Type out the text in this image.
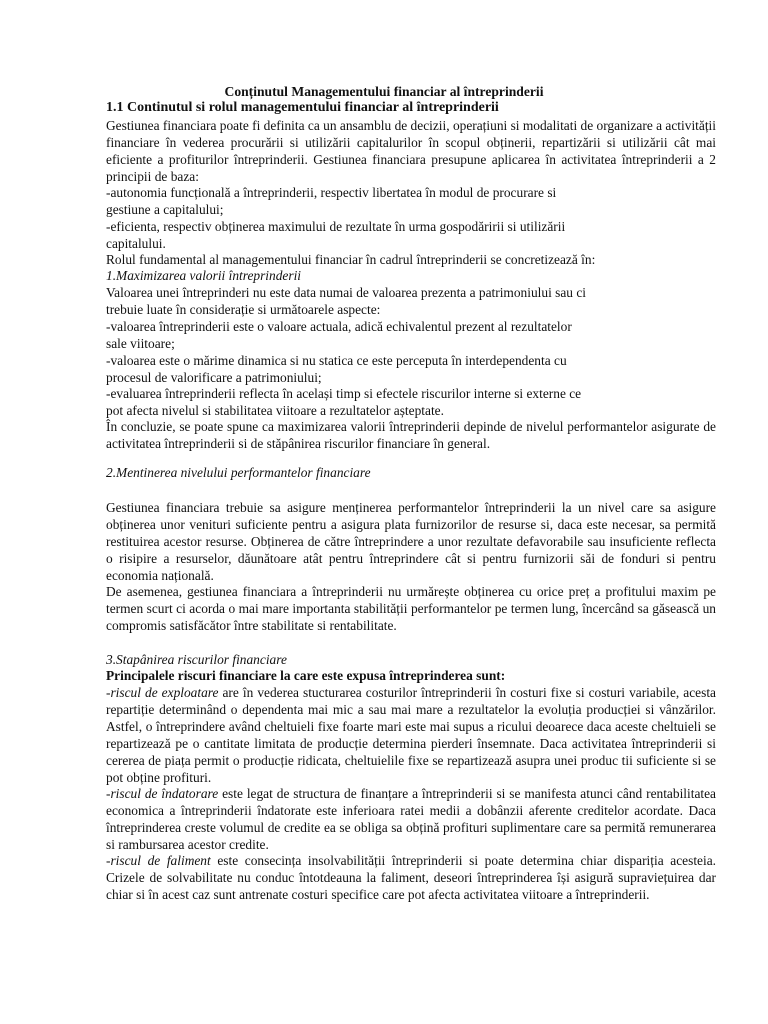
Conținutul Managementului financiar al întreprinderii
1.1 Continutul si rolul managementului financiar al întreprinderii

Gestiunea financiara poate fi definita ca un ansamblu de decizii, operațiuni si modalitati de organizare a activității financiare în vederea procurării si utilizării capitalurilor în scopul obținerii, repartizării si utilizării cât mai eficiente a profiturilor întreprinderii. Gestiunea financiara presupune aplicarea în activitatea întreprinderii a 2 principii de baza:

-autonomia funcțională a întreprinderii, respectiv libertatea în modul de procurare si
gestiune a capitalului;
-eficienta, respectiv obținerea maximului de rezultate în urma gospodăririi si utilizării
capitalului.
Rolul fundamental al managementului financiar în cadrul întreprinderii se concretizează în:
1.Maximizarea valorii întreprinderii
Valoarea unei întreprinderi nu este data numai de valoarea prezenta a patrimoniului sau ci
trebuie luate în considerație si următoarele aspecte:
-valoarea întreprinderii este o valoare actuala, adică echivalentul prezent al rezultatelor
sale viitoare;
-valoarea este o mărime dinamica si nu statica ce este perceputa în interdependenta cu
procesul de valorificare a patrimoniului;
-evaluarea întreprinderii reflecta în același timp si efectele riscurilor interne si externe ce
pot afecta nivelul si stabilitatea viitoare a rezultatelor așteptate.

În concluzie, se poate spune ca maximizarea valorii întreprinderii depinde de nivelul performantelor asigurate de activitatea întreprinderii si de stăpânirea riscurilor financiare în general.

2.Mentinerea nivelului performantelor financiare

Gestiunea financiara trebuie sa asigure menținerea performantelor întreprinderii la un nivel care sa asigure obținerea unor venituri suficiente pentru a asigura plata furnizorilor de resurse si, daca este necesar, sa permită restituirea acestor resurse. Obținerea de către întreprindere a unor rezultate defavorabile sau insuficiente reflecta o risipire a resurselor, dăunătoare atât pentru întreprindere cât si pentru furnizorii săi de fonduri si pentru economia națională.

De asemenea, gestiunea financiara a întreprinderii nu urmărește obținerea cu orice preț a profitului maxim pe termen scurt ci acorda o mai mare importanta stabilității performantelor pe termen lung, încercând sa găsească un compromis satisfăcător între stabilitate si rentabilitate.

3.Stapânirea riscurilor financiare
Principalele riscuri financiare la care este expusa întreprinderea sunt:

-riscul de exploatare are în vederea stucturarea costurilor întreprinderii în costuri fixe si costuri variabile, acesta repartiție determinând o dependenta mai mic a sau mai mare a rezultatelor la evoluția producției si vânzărilor. Astfel, o întreprindere având cheltuieli fixe foarte mari este mai supus a ricului deoarece daca aceste cheltuieli se repartizează pe o cantitate limitata de producție determina pierderi însemnate. Daca activitatea întreprinderii si cererea de piața permit o producție ridicata, cheltuielile fixe se repartizează asupra unei produc tii suficiente si se pot obține profituri.

-riscul de îndatorare este legat de structura de finanțare a întreprinderii si se manifesta atunci când rentabilitatea economica a întreprinderii îndatorate este inferioara ratei medii a dobânzii aferente creditelor acordate. Daca întreprinderea creste volumul de credite ea se obliga sa obțină profituri suplimentare care sa permită remunerarea si rambursarea acestor credite.

-riscul de faliment este consecința insolvabilității întreprinderii si poate determina chiar dispariția acesteia. Crizele de solvabilitate nu conduc întotdeauna la faliment, deseori întreprinderea își asigură supraviețuirea dar chiar si în acest caz sunt antrenate costuri specifice care pot afecta activitatea viitoare a întreprinderii.
